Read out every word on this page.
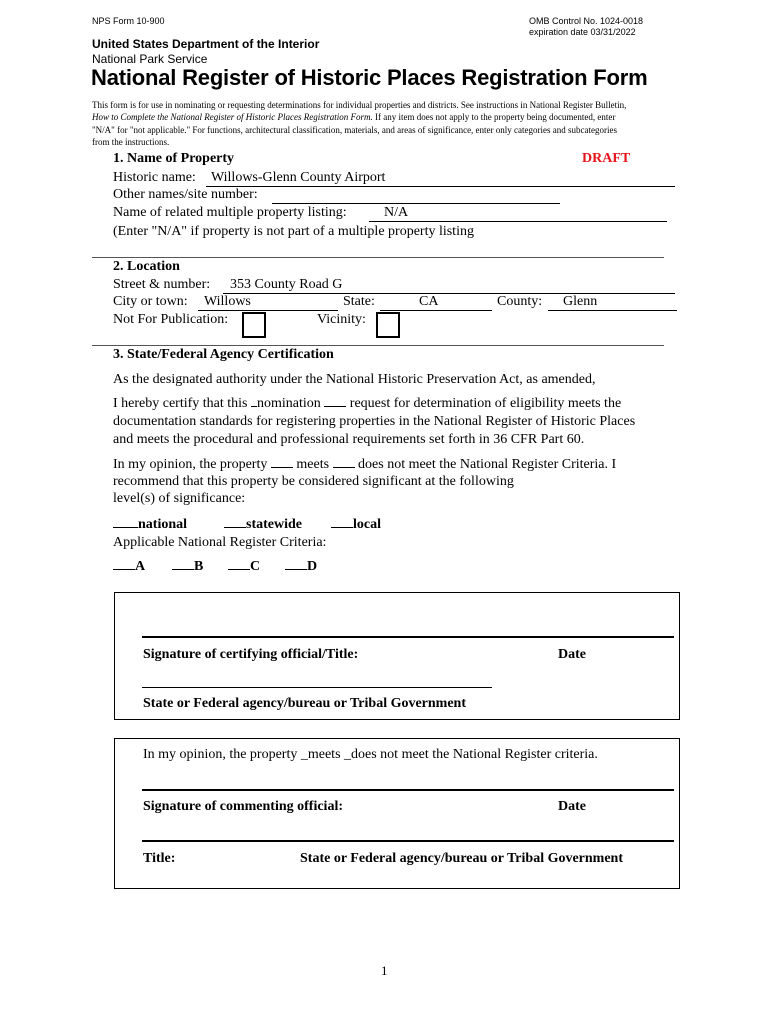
NPS Form 10-900	OMB Control No. 1024-0018
expiration date 03/31/2022
United States Department of the Interior
National Park Service
National Register of Historic Places Registration Form
This form is for use in nominating or requesting determinations for individual properties and districts. See instructions in National Register Bulletin,
How to Complete the National Register of Historic Places Registration Form. If any item does not apply to the property being documented, enter
"N/A" for "not applicable." For functions, architectural classification, materials, and areas of significance, enter only categories and subcategories
from the instructions.
1. Name of Property	DRAFT
Historic name: Willows-Glenn County Airport
Other names/site number:
Name of related multiple property listing:	N/A
(Enter "N/A" if property is not part of a multiple property listing
2. Location
Street & number: 353 County Road G
City or town: Willows	State:	CA	County: Glenn
Not For Publication:	Vicinity:
3. State/Federal Agency Certification
As the designated authority under the National Historic Preservation Act, as amended,
I hereby certify that this nomination  request for determination of eligibility meets the
documentation standards for registering properties in the National Register of Historic Places
and meets the procedural and professional requirements set forth in 36 CFR Part 60.
In my opinion, the property  meets  does not meet the National Register Criteria. I
recommend that this property be considered significant at the following
level(s) of significance:
national	statewide	local
Applicable National Register Criteria:
A	B	C	D
Signature of certifying official/Title:	Date
State or Federal agency/bureau or Tribal Government
In my opinion, the property _meets _does not meet the National Register criteria.
Signature of commenting official:	Date
Title:	State or Federal agency/bureau or Tribal Government
1
